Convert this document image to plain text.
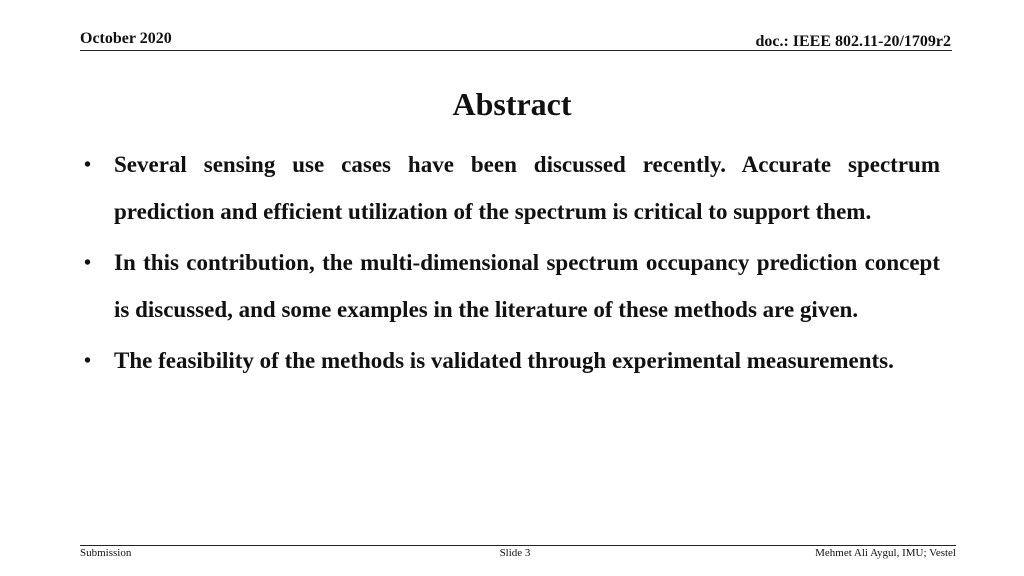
October 2020	doc.: IEEE 802.11-20/1709r2
Abstract
• Several sensing use cases have been discussed recently. Accurate spectrum prediction and efficient utilization of the spectrum is critical to support them.
• In this contribution, the multi-dimensional spectrum occupancy prediction concept is discussed, and some examples in the literature of these methods are given.
• The feasibility of the methods is validated through experimental measurements.
Submission	Slide 3	Mehmet Ali Aygul, IMU; Vestel
